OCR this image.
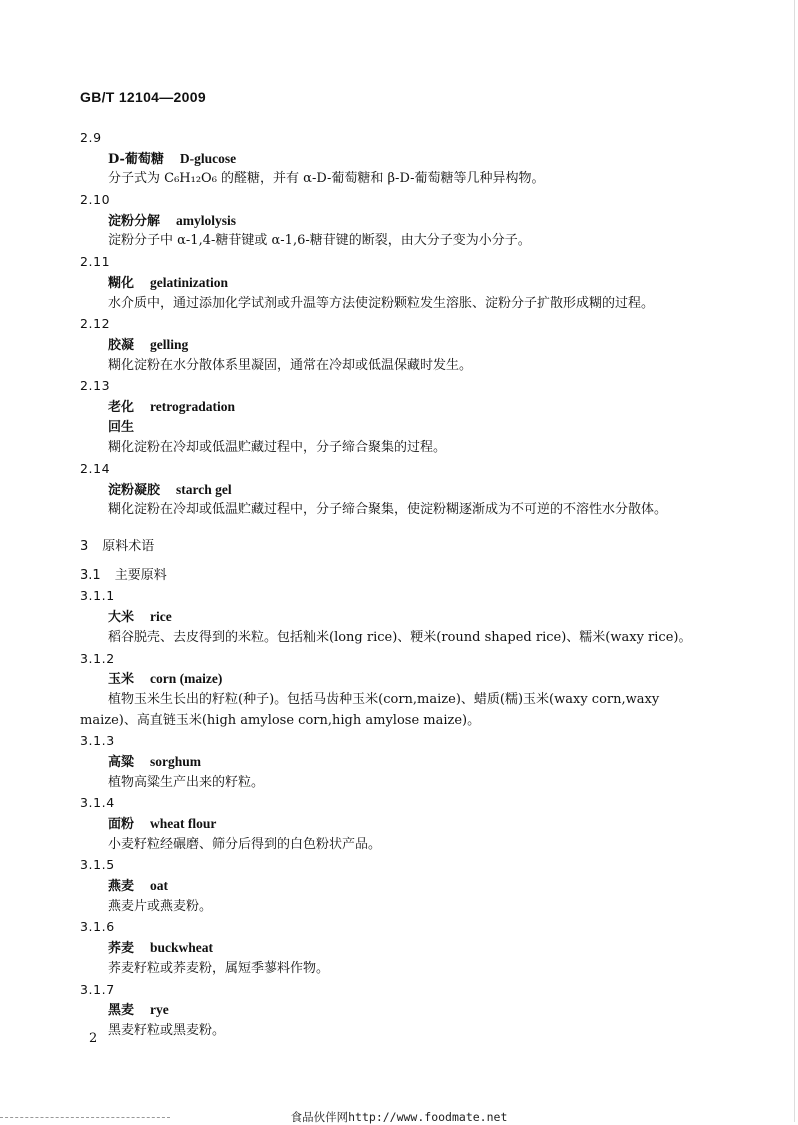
GB/T 12104—2009
2.9
D-葡萄糖 D-glucose
分子式为 C₆H₁₂O₆ 的醛糖，并有 α-D-葡萄糖和 β-D-葡萄糖等几种异构物。
2.10
淀粉分解 amylolysis
淀粉分子中 α-1,4-糖苷键或 α-1,6-糖苷键的断裂，由大分子变为小分子。
2.11
糊化 gelatinization
水介质中，通过添加化学试剂或升温等方法使淀粉颗粒发生溶胀、淀粉分子扩散形成糊的过程。
2.12
胶凝 gelling
糊化淀粉在水分散体系里凝固，通常在冷却或低温保藏时发生。
2.13
老化 retrogradation
回生
糊化淀粉在冷却或低温贮藏过程中，分子缔合聚集的过程。
2.14
淀粉凝胶 starch gel
糊化淀粉在冷却或低温贮藏过程中，分子缔合聚集，使淀粉糊逐渐成为不可逆的不溶性水分散体。
3 原料术语
3.1 主要原料
3.1.1
大米 rice
稻谷脱壳、去皮得到的米粒。包括籼米(long rice)、粳米(round shaped rice)、糯米(waxy rice)。
3.1.2
玉米 corn (maize)
植物玉米生长出的籽粒(种子)。包括马齿种玉米(corn,maize)、蜡质(糯)玉米(waxy corn,waxy
maize)、高直链玉米(high amylose corn,high amylose maize)。
3.1.3
高粱 sorghum
植物高粱生产出来的籽粒。
3.1.4
面粉 wheat flour
小麦籽粒经碾磨、筛分后得到的白色粉状产品。
3.1.5
燕麦 oat
燕麦片或燕麦粉。
3.1.6
荞麦 buckwheat
荞麦籽粒或荞麦粉，属短季蓼料作物。
3.1.7
黑麦 rye
黑麦籽粒或黑麦粉。
2
食品伙伴网http://www.foodmate.net
